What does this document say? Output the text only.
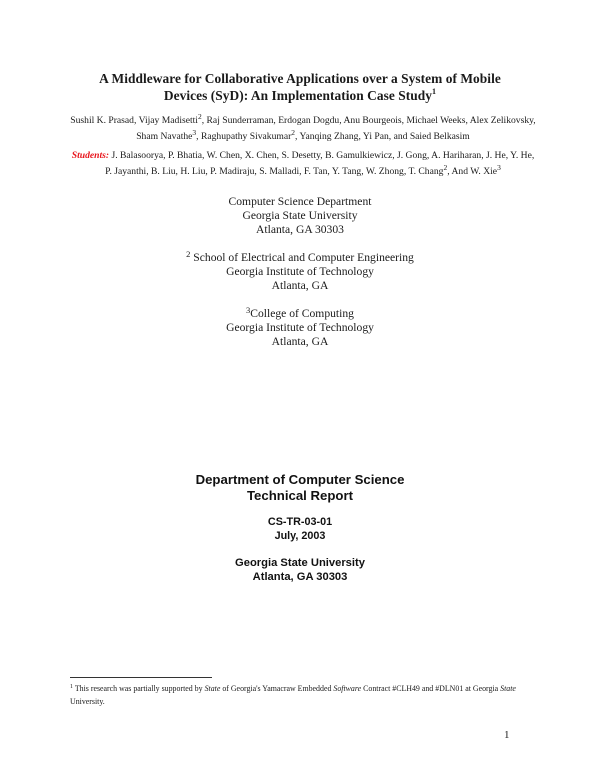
A Middleware for Collaborative Applications over a System of Mobile
Devices (SyD): An Implementation Case Study$^1$
Sushil K. Prasad, Vijay Madisetti$^2$, Raj Sunderraman, Erdogan Dogdu, Anu Bourgeois, Michael Weeks, Alex Zelikovsky, Sham Navathe$^3$, Raghupathy Sivakumar$^2$, Yanqing Zhang, Yi Pan, and Saied Belkasim
Students: J. Balasoorya, P. Bhatia, W. Chen, X. Chen, S. Desetty, B. Gamulkiewicz, J. Gong, A. Hariharan, J. He, Y. He, P. Jayanthi, B. Liu, H. Liu, P. Madiraju, S. Malladi, F. Tan, Y. Tang, W. Zhong, T. Chang$^2$, And W. Xie$^3$
Computer Science Department
Georgia State University
Atlanta, GA 30303
$^2$ School of Electrical and Computer Engineering
Georgia Institute of Technology
Atlanta, GA
$^3$College of Computing
Georgia Institute of Technology
Atlanta, GA
Department of Computer Science
Technical Report
CS-TR-03-01
July, 2003
Georgia State University
Atlanta, GA 30303
$^1$ This research was partially supported by State of Georgia's Yamacraw Embedded Software Contract #CLH49 and #DLN01 at Georgia State University.
1
